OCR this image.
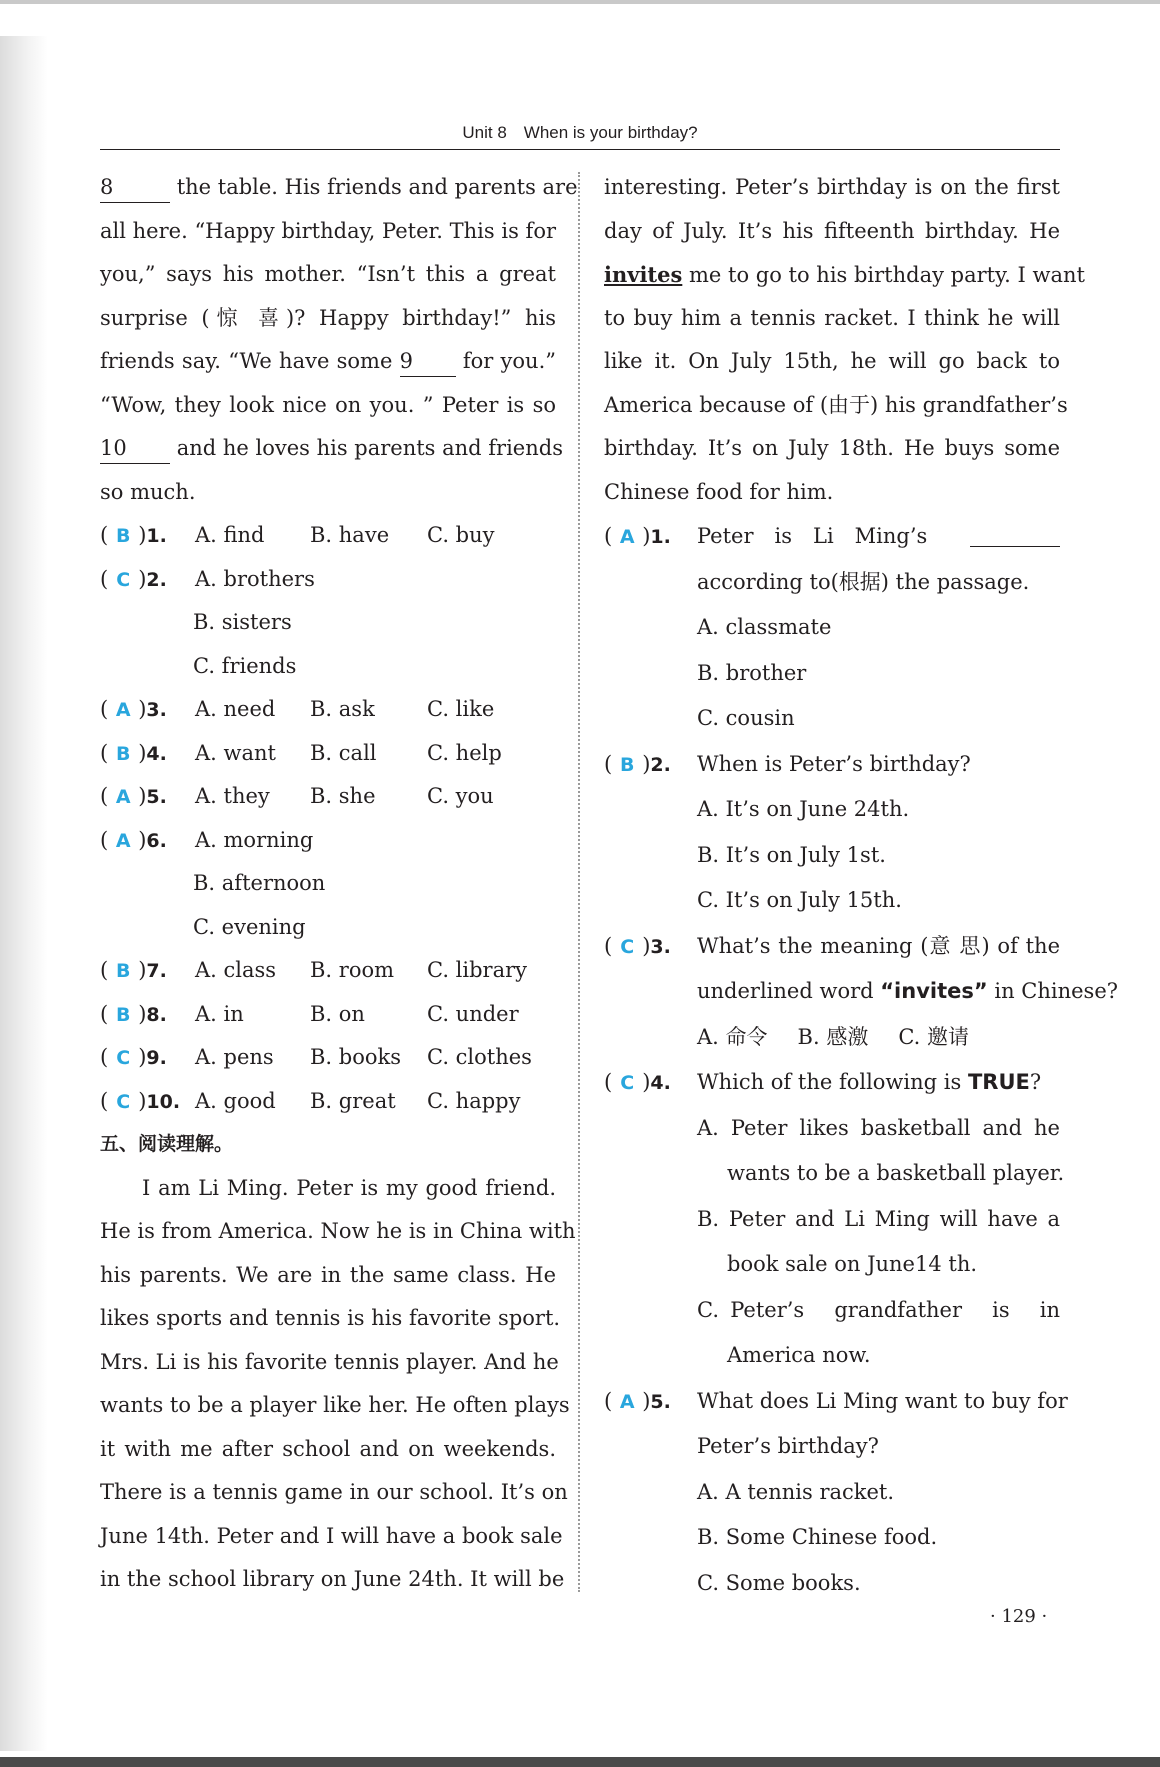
Unit 8　When is your birthday?
8	the table. His friends and parents are
all here. “Happy birthday, Peter. This is for
you,” says his mother. “Isn’t this a great
surprise (惊 喜)? Happy birthday!” his
friends say. “We have some 9 for you.”
“Wow, they look nice on you. ” Peter is so
10 and he loves his parents and friends
so much.
( B )1. A. find B. have C. buy
( C )2. A. brothers
B. sisters
C. friends
( A )3. A. need B. ask C. like
( B )4. A. want B. call C. help
( A )5. A. they B. she C. you
( A )6. A. morning
B. afternoon
C. evening
( B )7. A. class B. room C. library
( B )8. A. in	B. on	C. under
( C )9. A. pens B. books C. clothes
( C )10. A. good B. great C. happy
五、阅读理解。
I am Li Ming. Peter is my good friend.
He is from America. Now he is in China with
his parents. We are in the same class. He
likes sports and tennis is his favorite sport.
Mrs. Li is his favorite tennis player. And he
wants to be a player like her. He often plays
it with me after school and on weekends.
There is a tennis game in our school. It’s on
June 14th. Peter and I will have a book sale
in the school library on June 24th. It will be
interesting. Peter’s birthday is on the first
day of July. It’s his fifteenth birthday. He
invites me to go to his birthday party. I want
to buy him a tennis racket. I think he will
like it. On July 15th, he will go back to
America because of (由于) his grandfather’s
birthday. It’s on July 18th. He buys some
Chinese food for him.
( A )1. Peter　is　Li　Ming’s
according to(根据) the passage.
A. classmate
B. brother
C. cousin
( B )2. When is Peter’s birthday?
A. It’s on June 24th.
B. It’s on July 1st.
C. It’s on July 15th.
( C )3. What’s the meaning (意 思) of the
underlined word “invites” in Chinese?
A. 命令 B. 感激 C. 邀请
( C )4. Which of the following is TRUE?
A. Peter likes basketball and he
wants to be a basketball player.
B. Peter and Li Ming will have a
book sale on June14 th.
C. Peter’s　grandfather　is　in
America now.
( A )5. What does Li Ming want to buy for
Peter’s birthday?
A. A tennis racket.
B. Some Chinese food.
C. Some books.
· 129 ·
